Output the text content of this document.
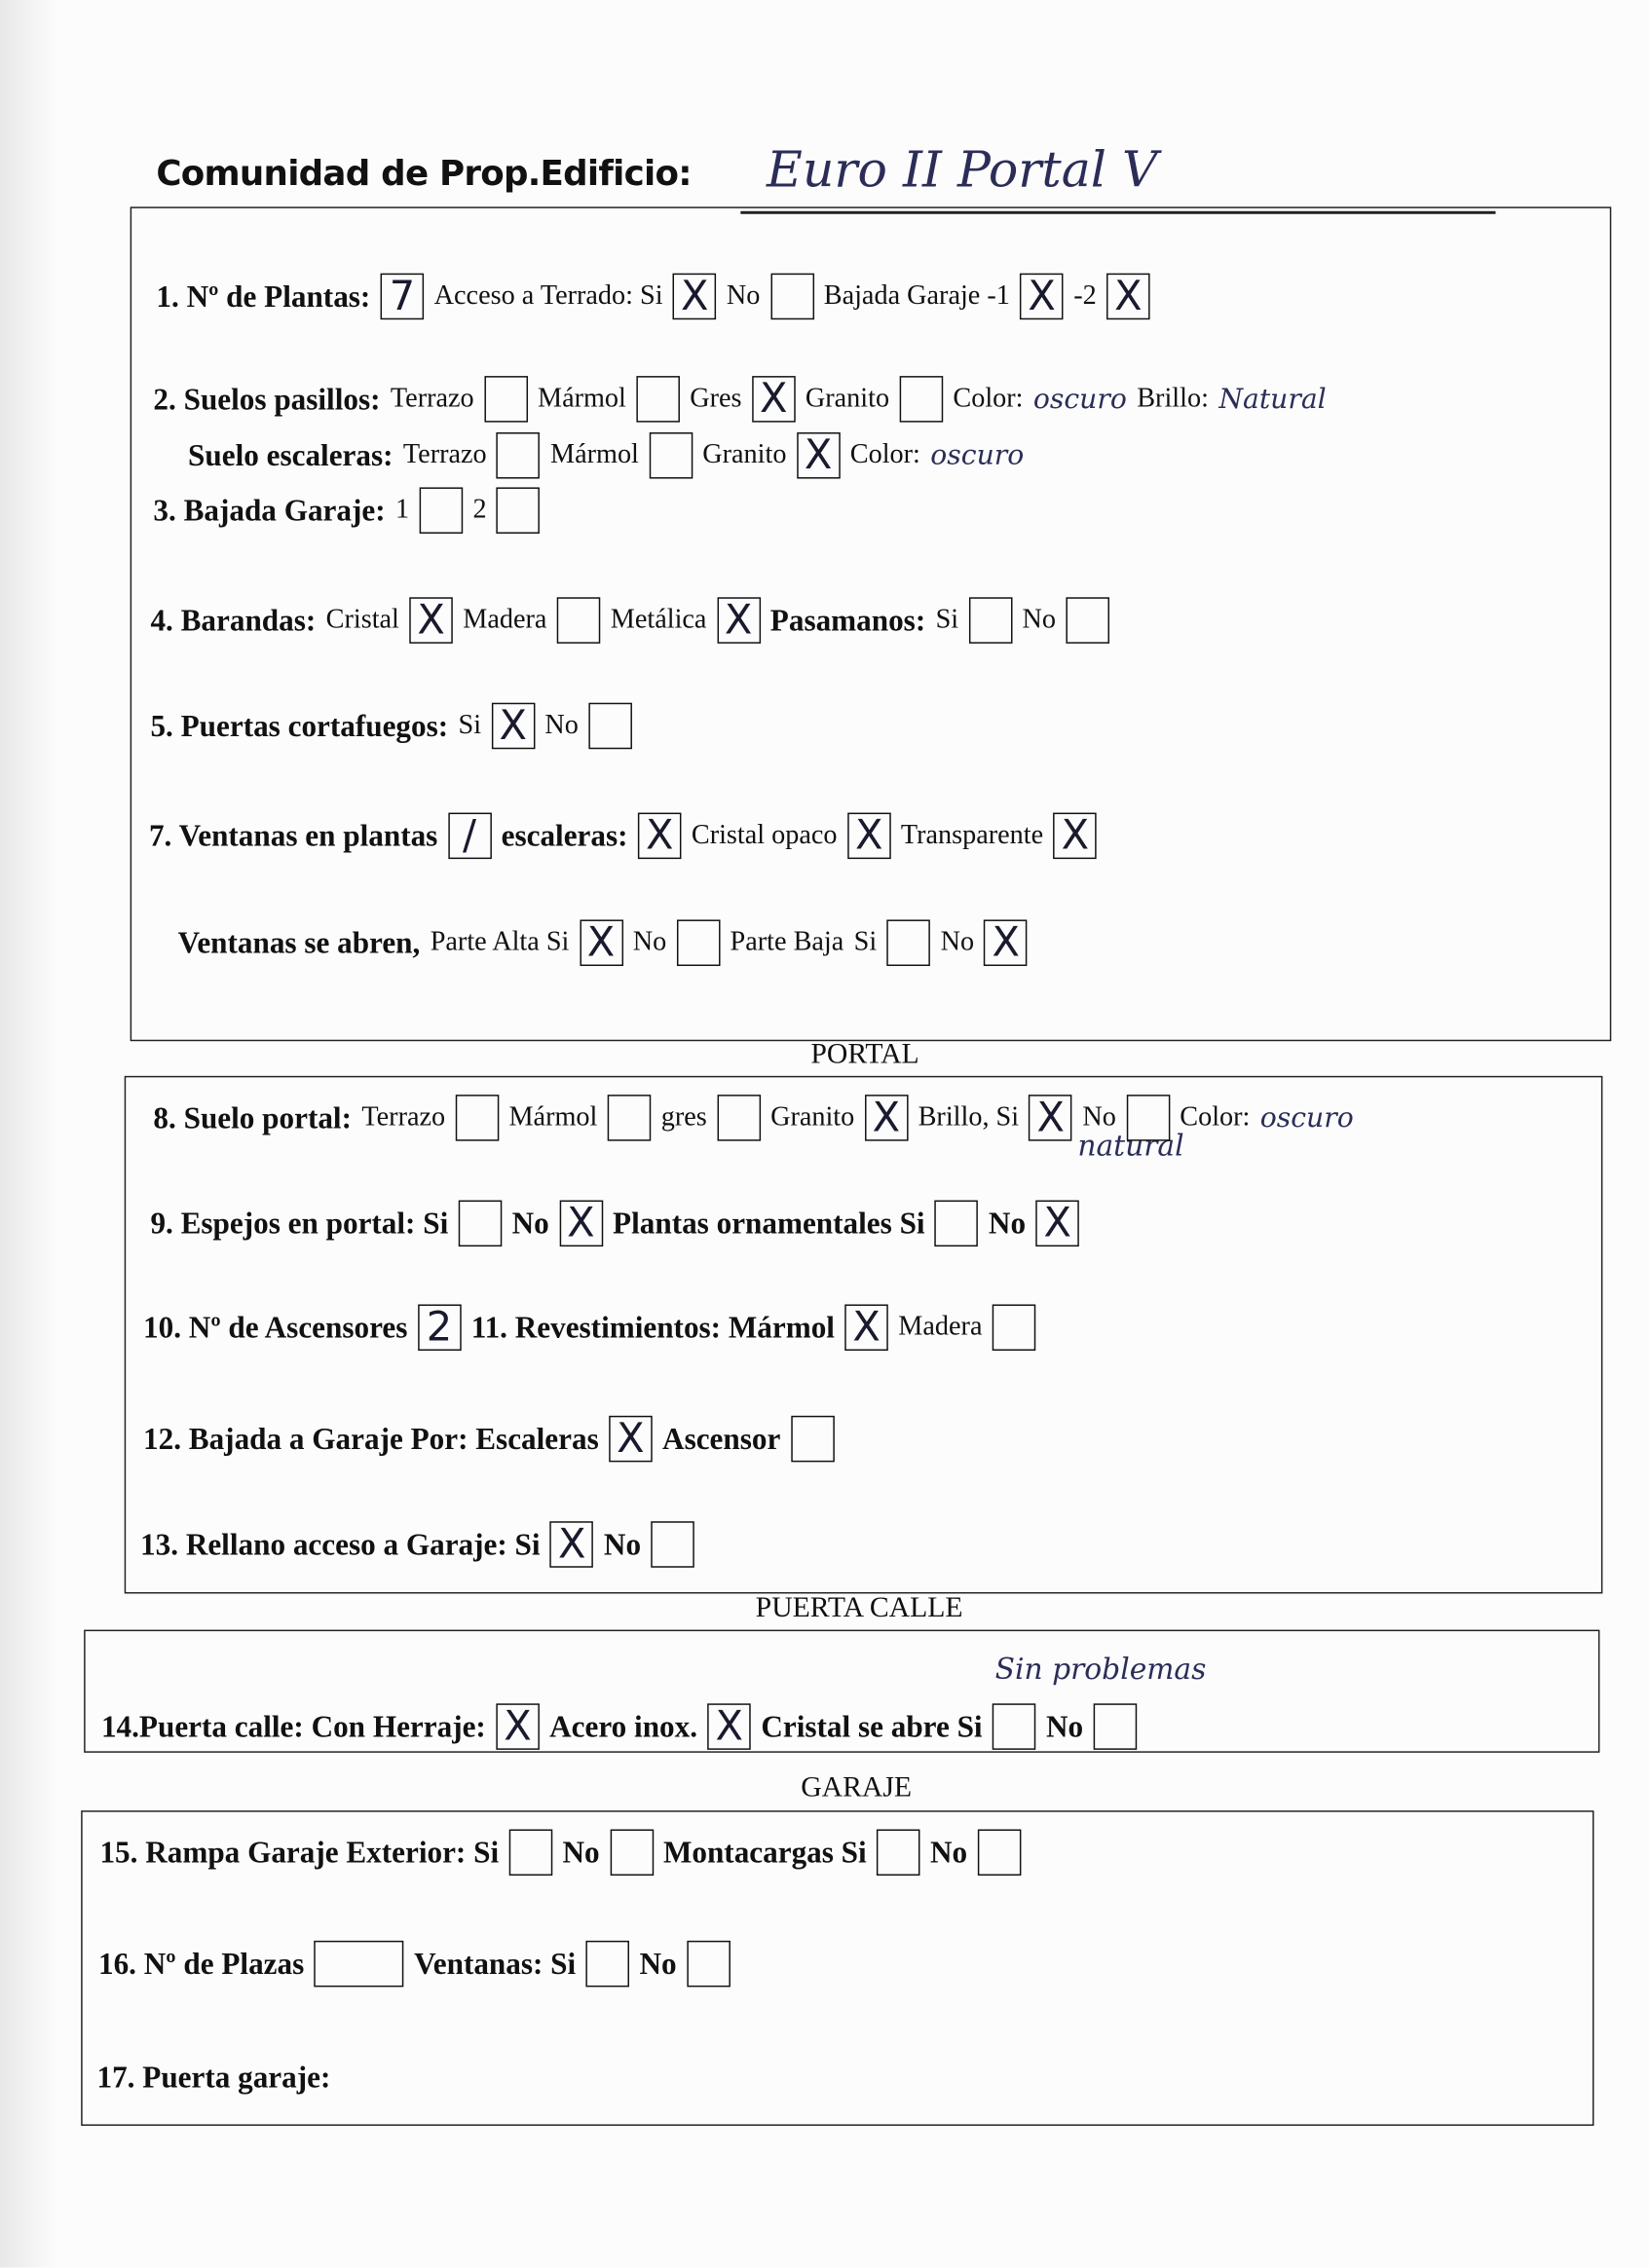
Comunidad de Prop.Edificio: Euro II Portal V
PORTAL
PUERTA CALLE
GARAJE
natural
Sin problemas
1. Nº de Plantas: 7	Acceso a Terrado: Si X No	Bajada Garaje -1 X -2 X
2. Suelos pasillos: Terrazo	Mármol	Gres X Granito	Color: oscuro Brillo: Natural
Suelo escaleras: Terrazo	Mármol	Granito X Color: oscuro
3. Bajada Garaje: 1	2
4. Barandas: Cristal X Madera	Metálica X Pasamanos: Si	No
5. Puertas cortafuegos: Si X No
7. Ventanas en plantas /	escaleras: X Cristal opaco X Transparente X
Ventanas se abren, Parte Alta Si X No	Parte Baja Si	No X
8. Suelo portal: Terrazo	Mármol	gres	Granito X Brillo, Si X No	Color: oscuro
9. Espejos en portal: Si	No X Plantas ornamentales Si	No X
10. Nº de Ascensores 2 11. Revestimientos: Mármol X Madera
12. Bajada a Garaje Por: Escaleras X Ascensor
13. Rellano acceso a Garaje: Si X No
14.Puerta calle: Con Herraje: X Acero inox. X Cristal se abre Si	No
15. Rampa Garaje Exterior: Si	No	Montacargas Si	No
16. Nº de Plazas	Ventanas: Si	No
17. Puerta garaje:
